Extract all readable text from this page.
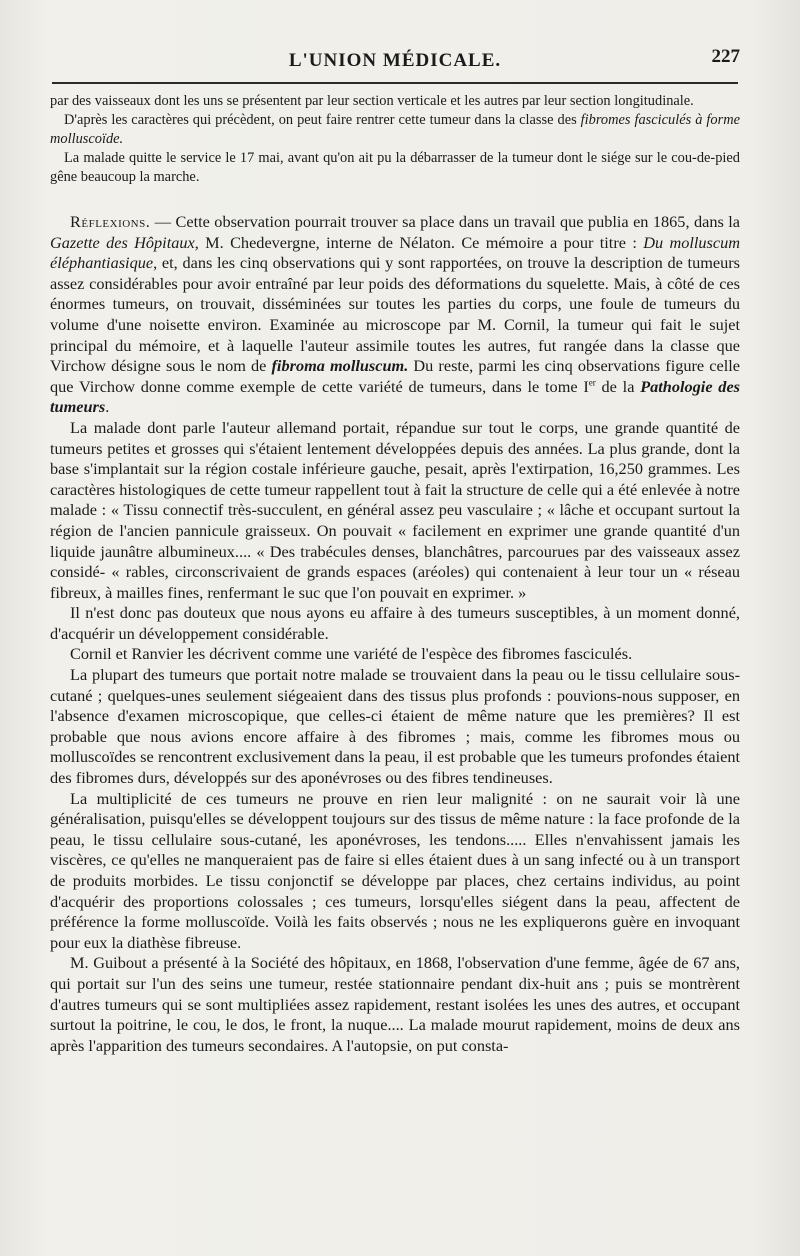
L'UNION MÉDICALE.	227

par des vaisseaux dont les uns se présentent par leur section verticale et les autres par leur section longitudinale.

D'après les caractères qui précèdent, on peut faire rentrer cette tumeur dans la classe des fibromes fasciculés à forme molluscoïde.

La malade quitte le service le 17 mai, avant qu'on ait pu la débarrasser de la tumeur dont le siége sur le cou-de-pied gêne beaucoup la marche.

Réflexions. — Cette observation pourrait trouver sa place dans un travail que publia en 1865, dans la Gazette des Hôpitaux, M. Chedevergne, interne de Nélaton. Ce mémoire a pour titre : Du molluscum éléphantiasique, et, dans les cinq observations qui y sont rapportées, on trouve la description de tumeurs assez considérables pour avoir entraîné par leur poids des déformations du squelette. Mais, à côté de ces énormes tumeurs, on trouvait, disséminées sur toutes les parties du corps, une foule de tumeurs du volume d'une noisette environ. Examinée au microscope par M. Cornil, la tumeur qui fait le sujet principal du mémoire, et à laquelle l'auteur assimile toutes les autres, fut rangée dans la classe que Virchow désigne sous le nom de fibroma molluscum. Du reste, parmi les cinq observations figure celle que Virchow donne comme exemple de cette variété de tumeurs, dans le tome Ier de la Pathologie des tumeurs.

La malade dont parle l'auteur allemand portait, répandue sur tout le corps, une grande quantité de tumeurs petites et grosses qui s'étaient lentement développées depuis des années. La plus grande, dont la base s'implantait sur la région costale inférieure gauche, pesait, après l'extirpation, 16,250 grammes. Les caractères histologiques de cette tumeur rappellent tout à fait la structure de celle qui a été enlevée à notre malade : « Tissu connectif très-succulent, en général assez peu vasculaire ; « lâche et occupant surtout la région de l'ancien pannicule graisseux. On pouvait « facilement en exprimer une grande quantité d'un liquide jaunâtre albumineux.... « Des trabécules denses, blanchâtres, parcourues par des vaisseaux assez considé- « rables, circonscrivaient de grands espaces (aréoles) qui contenaient à leur tour un « réseau fibreux, à mailles fines, renfermant le suc que l'on pouvait en exprimer. »

Il n'est donc pas douteux que nous ayons eu affaire à des tumeurs susceptibles, à un moment donné, d'acquérir un développement considérable.

Cornil et Ranvier les décrivent comme une variété de l'espèce des fibromes fasciculés.

La plupart des tumeurs que portait notre malade se trouvaient dans la peau ou le tissu cellulaire sous-cutané ; quelques-unes seulement siégeaient dans des tissus plus profonds : pouvions-nous supposer, en l'absence d'examen microscopique, que celles-ci étaient de même nature que les premières? Il est probable que nous avions encore affaire à des fibromes ; mais, comme les fibromes mous ou molluscoïdes se rencontrent exclusivement dans la peau, il est probable que les tumeurs profondes étaient des fibromes durs, développés sur des aponévroses ou des fibres tendineuses.

La multiplicité de ces tumeurs ne prouve en rien leur malignité : on ne saurait voir là une généralisation, puisqu'elles se développent toujours sur des tissus de même nature : la face profonde de la peau, le tissu cellulaire sous-cutané, les aponévroses, les tendons..... Elles n'envahissent jamais les viscères, ce qu'elles ne manqueraient pas de faire si elles étaient dues à un sang infecté ou à un transport de produits morbides. Le tissu conjonctif se développe par places, chez certains individus, au point d'acquérir des proportions colossales ; ces tumeurs, lorsqu'elles siégent dans la peau, affectent de préférence la forme molluscoïde. Voilà les faits observés ; nous ne les expliquerons guère en invoquant pour eux la diathèse fibreuse.

M. Guibout a présenté à la Société des hôpitaux, en 1868, l'observation d'une femme, âgée de 67 ans, qui portait sur l'un des seins une tumeur, restée stationnaire pendant dix-huit ans ; puis se montrèrent d'autres tumeurs qui se sont multipliées assez rapidement, restant isolées les unes des autres, et occupant surtout la poitrine, le cou, le dos, le front, la nuque.... La malade mourut rapidement, moins de deux ans après l'apparition des tumeurs secondaires. A l'autopsie, on put consta-
